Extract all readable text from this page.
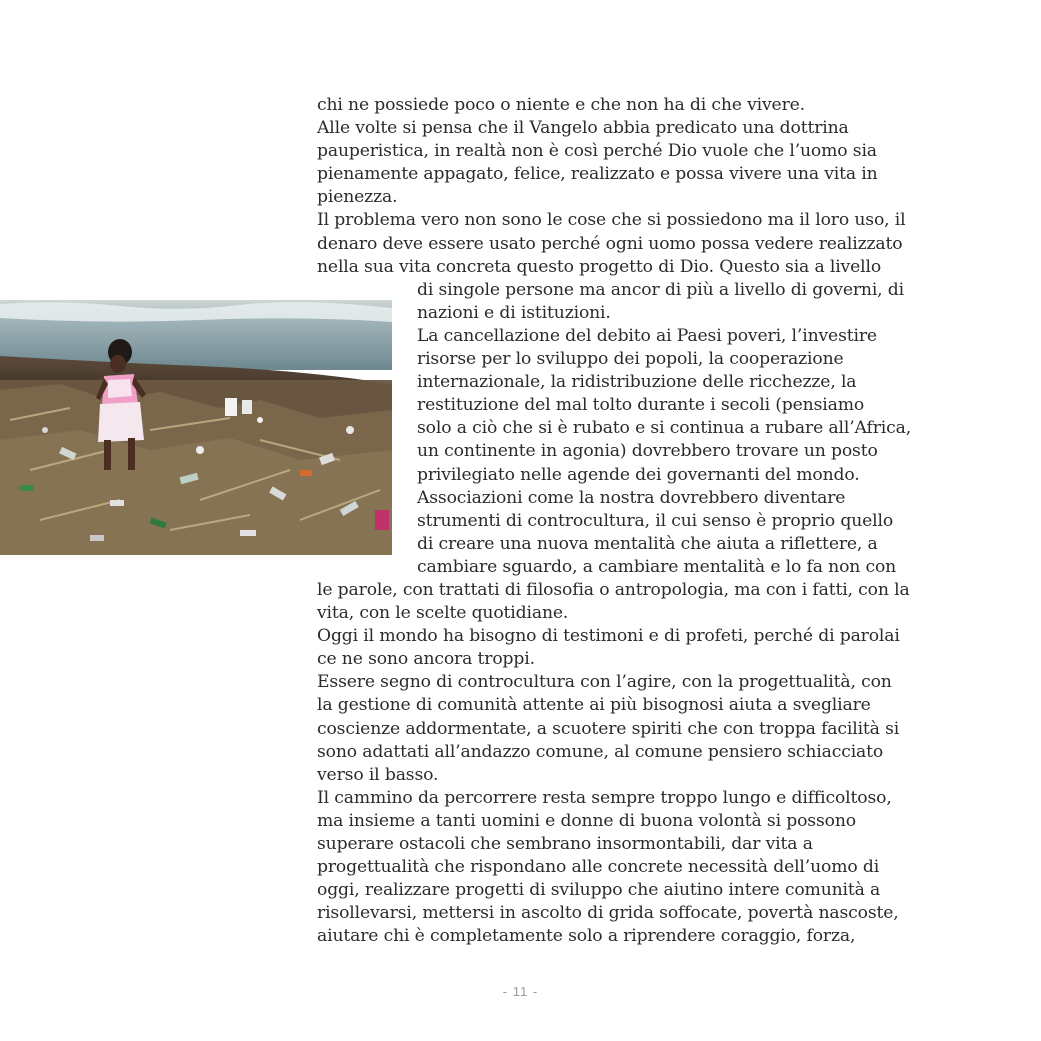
chi ne possiede poco o niente e che non ha di che vivere.
Alle volte si pensa che il Vangelo abbia predicato una dottrina
pauperistica, in realtà non è così perché Dio vuole che l’uomo sia
pienamente appagato, felice, realizzato e possa vivere una vita in
pienezza.
Il problema vero non sono le cose che si possiedono ma il loro uso, il
denaro deve essere usato perché ogni uomo possa vedere realizzato
nella sua vita concreta questo progetto di Dio. Questo sia a livello
di singole persone ma ancor di più a livello di governi, di
nazioni e di istituzioni.
La cancellazione del debito ai Paesi poveri, l’investire
risorse per lo sviluppo dei popoli, la cooperazione
internazionale, la ridistribuzione delle ricchezze, la
restituzione del mal tolto durante i secoli (pensiamo
solo a ciò che si è rubato e si continua a rubare all’Africa,
un continente in agonia) dovrebbero trovare un posto
privilegiato nelle agende dei governanti del mondo.
Associazioni come la nostra dovrebbero diventare
strumenti di controcultura, il cui senso è proprio quello
di creare una nuova mentalità che aiuta a riflettere, a
cambiare sguardo, a cambiare mentalità e lo fa non con
le parole, con trattati di filosofia o antropologia, ma con i fatti, con la
vita, con le scelte quotidiane.
Oggi il mondo ha bisogno di testimoni e di profeti, perché di parolai
ce ne sono ancora troppi.
Essere segno di controcultura con l’agire, con la progettualità, con
la gestione di comunità attente ai più bisognosi aiuta a svegliare
coscienze addormentate, a scuotere spiriti che con troppa facilità si
sono adattati all’andazzo comune, al comune pensiero schiacciato
verso il basso.
Il cammino da percorrere resta sempre troppo lungo e difficoltoso,
ma insieme a tanti uomini e donne di buona volontà si possono
superare ostacoli che sembrano insormontabili, dar vita a
progettualità che rispondano alle concrete necessità dell’uomo di
oggi, realizzare progetti di sviluppo che aiutino intere comunità a
risollevarsi, mettersi in ascolto di grida soffocate, povertà nascoste,
aiutare chi è completamente solo a riprendere coraggio, forza,
- 11 -
